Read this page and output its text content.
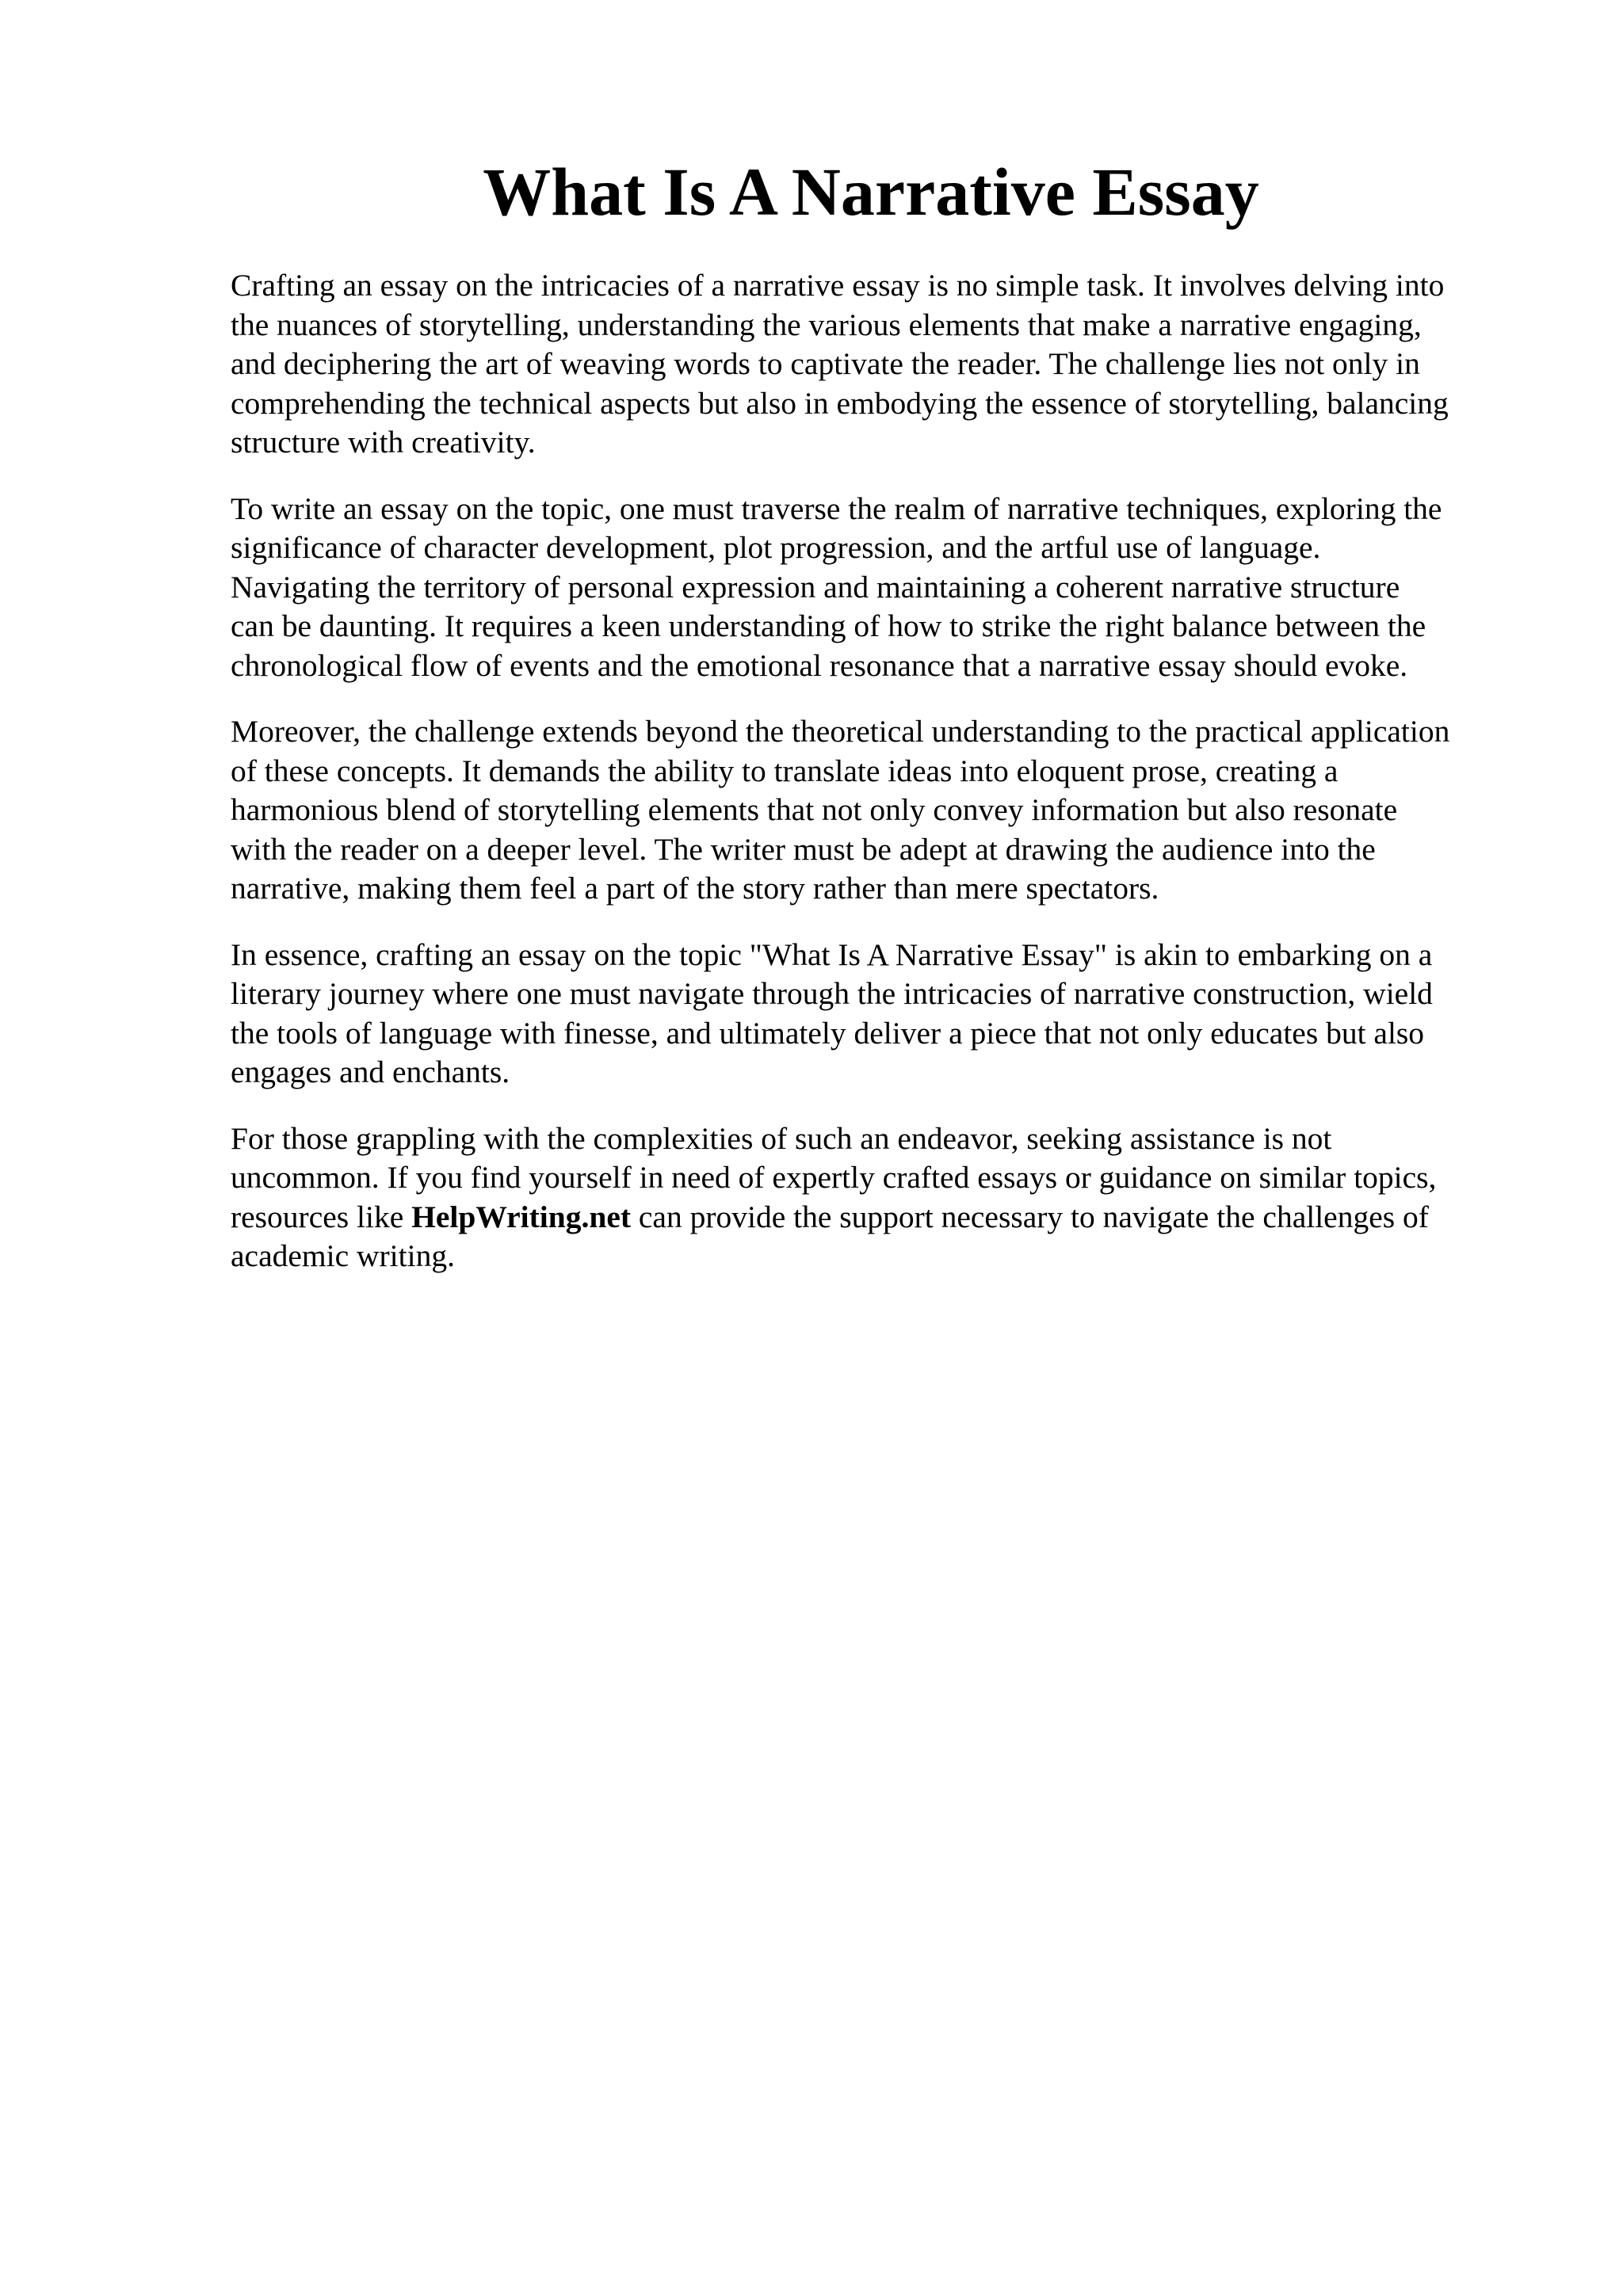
What Is A Narrative Essay

Crafting an essay on the intricacies of a narrative essay is no simple task. It involves delving into
the nuances of storytelling, understanding the various elements that make a narrative engaging,
and deciphering the art of weaving words to captivate the reader. The challenge lies not only in
comprehending the technical aspects but also in embodying the essence of storytelling, balancing
structure with creativity.

To write an essay on the topic, one must traverse the realm of narrative techniques, exploring the
significance of character development, plot progression, and the artful use of language.
Navigating the territory of personal expression and maintaining a coherent narrative structure
can be daunting. It requires a keen understanding of how to strike the right balance between the
chronological flow of events and the emotional resonance that a narrative essay should evoke.

Moreover, the challenge extends beyond the theoretical understanding to the practical application
of these concepts. It demands the ability to translate ideas into eloquent prose, creating a
harmonious blend of storytelling elements that not only convey information but also resonate
with the reader on a deeper level. The writer must be adept at drawing the audience into the
narrative, making them feel a part of the story rather than mere spectators.

In essence, crafting an essay on the topic "What Is A Narrative Essay" is akin to embarking on a
literary journey where one must navigate through the intricacies of narrative construction, wield
the tools of language with finesse, and ultimately deliver a piece that not only educates but also
engages and enchants.

For those grappling with the complexities of such an endeavor, seeking assistance is not
uncommon. If you find yourself in need of expertly crafted essays or guidance on similar topics,
resources like HelpWriting.net can provide the support necessary to navigate the challenges of
academic writing.
